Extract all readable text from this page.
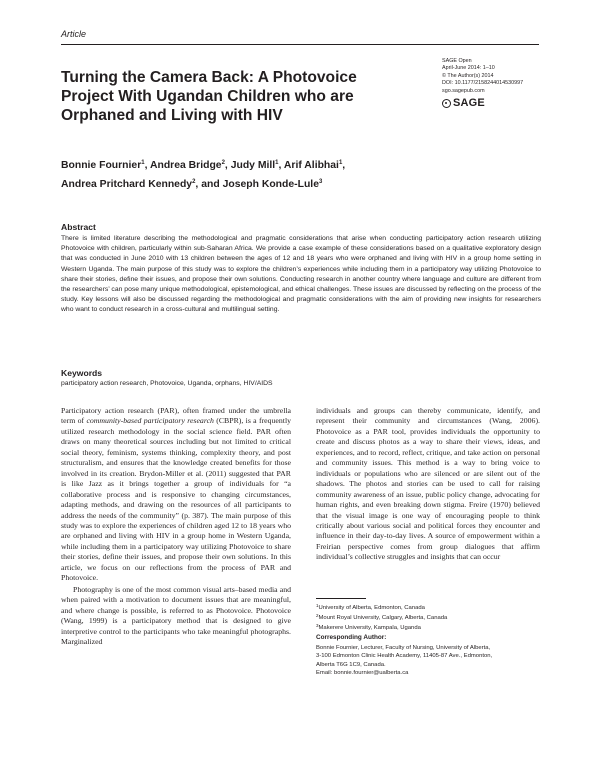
Article
Turning the Camera Back: A Photovoice Project With Ugandan Children who are Orphaned and Living with HIV
SAGE Open
April-June 2014: 1–10
© The Author(s) 2014
DOI: 10.1177/2158244014530997
sgo.sagepub.com
SAGE
Bonnie Fournier$^1$, Andrea Bridge$^2$, Judy Mill$^1$, Arif Alibhai$^1$,
Andrea Pritchard Kennedy$^2$, and Joseph Konde-Lule$^3$
Abstract
There is limited literature describing the methodological and pragmatic considerations that arise when conducting participatory action research utilizing Photovoice with children, particularly within sub-Saharan Africa. We provide a case example of these considerations based on a qualitative exploratory design that was conducted in June 2010 with 13 children between the ages of 12 and 18 years who were orphaned and living with HIV in a group home setting in Western Uganda. The main purpose of this study was to explore the children’s experiences while including them in a participatory way utilizing Photovoice to share their stories, define their issues, and propose their own solutions. Conducting research in another country where language and culture are different from the researchers’ can pose many unique methodological, epistemological, and ethical challenges. These issues are discussed by reflecting on the process of the study. Key lessons will also be discussed regarding the methodological and pragmatic considerations with the aim of providing new insights for researchers who want to conduct research in a cross-cultural and multilingual setting.
Keywords
participatory action research, Photovoice, Uganda, orphans, HIV/AIDS

Participatory action research (PAR), often framed under the umbrella term of community-based participatory research (CBPR), is a frequently utilized research methodology in the social science field. PAR often draws on many theoretical sources including but not limited to critical social theory, feminism, systems thinking, complexity theory, and post structuralism, and ensures that the knowledge created benefits for those involved in its creation. Brydon-Miller et al. (2011) suggested that PAR is like Jazz as it brings together a group of individuals for “a collaborative process and is responsive to changing circumstances, adapting methods, and drawing on the resources of all participants to address the needs of the community” (p. 387). The main purpose of this study was to explore the experiences of children aged 12 to 18 years who are orphaned and living with HIV in a group home in Western Uganda, while including them in a participatory way utilizing Photovoice to share their stories, define their issues, and propose their own solutions. In this article, we focus on our reflections from the process of PAR and Photovoice.

Photography is one of the most common visual arts–based media and when paired with a motivation to document issues that are meaningful, and where change is possible, is referred to as Photovoice. Photovoice (Wang, 1999) is a participatory method that is designed to give interpretive control to the participants who take meaningful photographs. Marginalized

individuals and groups can thereby communicate, identify, and represent their community and circumstances (Wang, 2006). Photovoice as a PAR tool, provides individuals the opportunity to create and discuss photos as a way to share their views, ideas, and experiences, and to record, reflect, critique, and take action on personal and community issues. This method is a way to bring voice to individuals or populations who are silenced or are silent out of the shadows. The photos and stories can be used to call for raising community awareness of an issue, public policy change, advocating for human rights, and even breaking down stigma. Freire (1970) believed that the visual image is one way of encouraging people to think critically about various social and political forces they encounter and influence in their day-to-day lives. A source of empowerment within a Freirian perspective comes from group dialogues that affirm individual’s collective struggles and insights that can occur

$^1$University of Alberta, Edmonton, Canada
$^2$Mount Royal University, Calgary, Alberta, Canada
$^3$Makerere University, Kampala, Uganda
Corresponding Author:
Bonnie Fournier, Lecturer, Faculty of Nursing, University of Alberta,
3-100 Edmonton Clinic Health Academy, 11405-87 Ave., Edmonton,
Alberta T6G 1C9, Canada.
Email: bonnie.fournier@ualberta.ca
